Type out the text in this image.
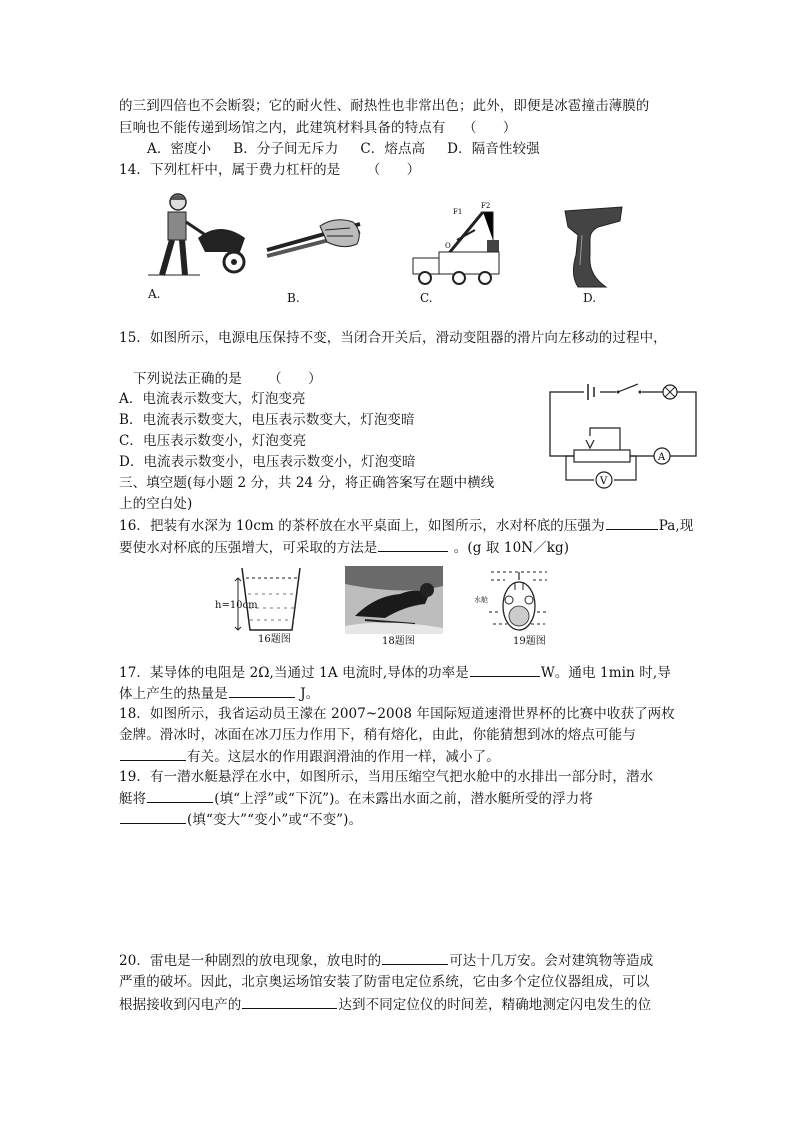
的三到四倍也不会断裂；它的耐火性、耐热性也非常出色；此外，即便是冰雹撞击薄膜的
巨响也不能传递到场馆之内，此建筑材料具备的特点有    （      ）
A．密度小     B．分子间无斥力     C．熔点高     D．隔音性较强
14．下列杠杆中，属于费力杠杆的是      （      ）
A.	B.
F1
F2
O
C.	D.
15．如图所示，电源电压保持不变，当闭合开关后，滑动变阻器的滑片向左移动的过程中，
下列说法正确的是      （      ）
A．电流表示数变大，灯泡变亮
B．电流表示数变大，电压表示数变大，灯泡变暗
C．电压表示数变小，灯泡变亮
D．电流表示数变小，电压表示数变小，灯泡变暗
V
A
三、填空题(每小题 2 分，共 24 分，将正确答案写在题中横线
上的空白处)
16．把装有水深为 10cm 的茶杯放在水平桌面上，如图所示，水对杯底的压强为	Pa,现
要使水对杯底的压强增大，可采取的方法是	。(g 取 10N／kg)
h=10cm
16题图	18题图
水舱
19题图
17．某导体的电阻是 2Ω,当通过 1A 电流时,导体的功率是	W。通电 1min 时,导
体上产生的热量是	J。
18．如图所示，我省运动员王濛在 2007~2008 年国际短道速滑世界杯的比赛中收获了两枚
金牌。滑冰时，冰面在冰刀压力作用下，稍有熔化，由此，你能猜想到冰的熔点可能与
有关。这层水的作用跟润滑油的作用一样，减小了。
19．有一潜水艇悬浮在水中，如图所示，当用压缩空气把水舱中的水排出一部分时，潜水
艇将	(填“上浮”或“下沉”)。在未露出水面之前，潜水艇所受的浮力将
(填“变大”“变小”或“不变”)。
20．雷电是一种剧烈的放电现象，放电时的	可达十几万安。会对建筑物等造成
严重的破坏。因此，北京奥运场馆安装了防雷电定位系统，它由多个定位仪器组成，可以
根据接收到闪电产的	达到不同定位仪的时间差，精确地测定闪电发生的位
